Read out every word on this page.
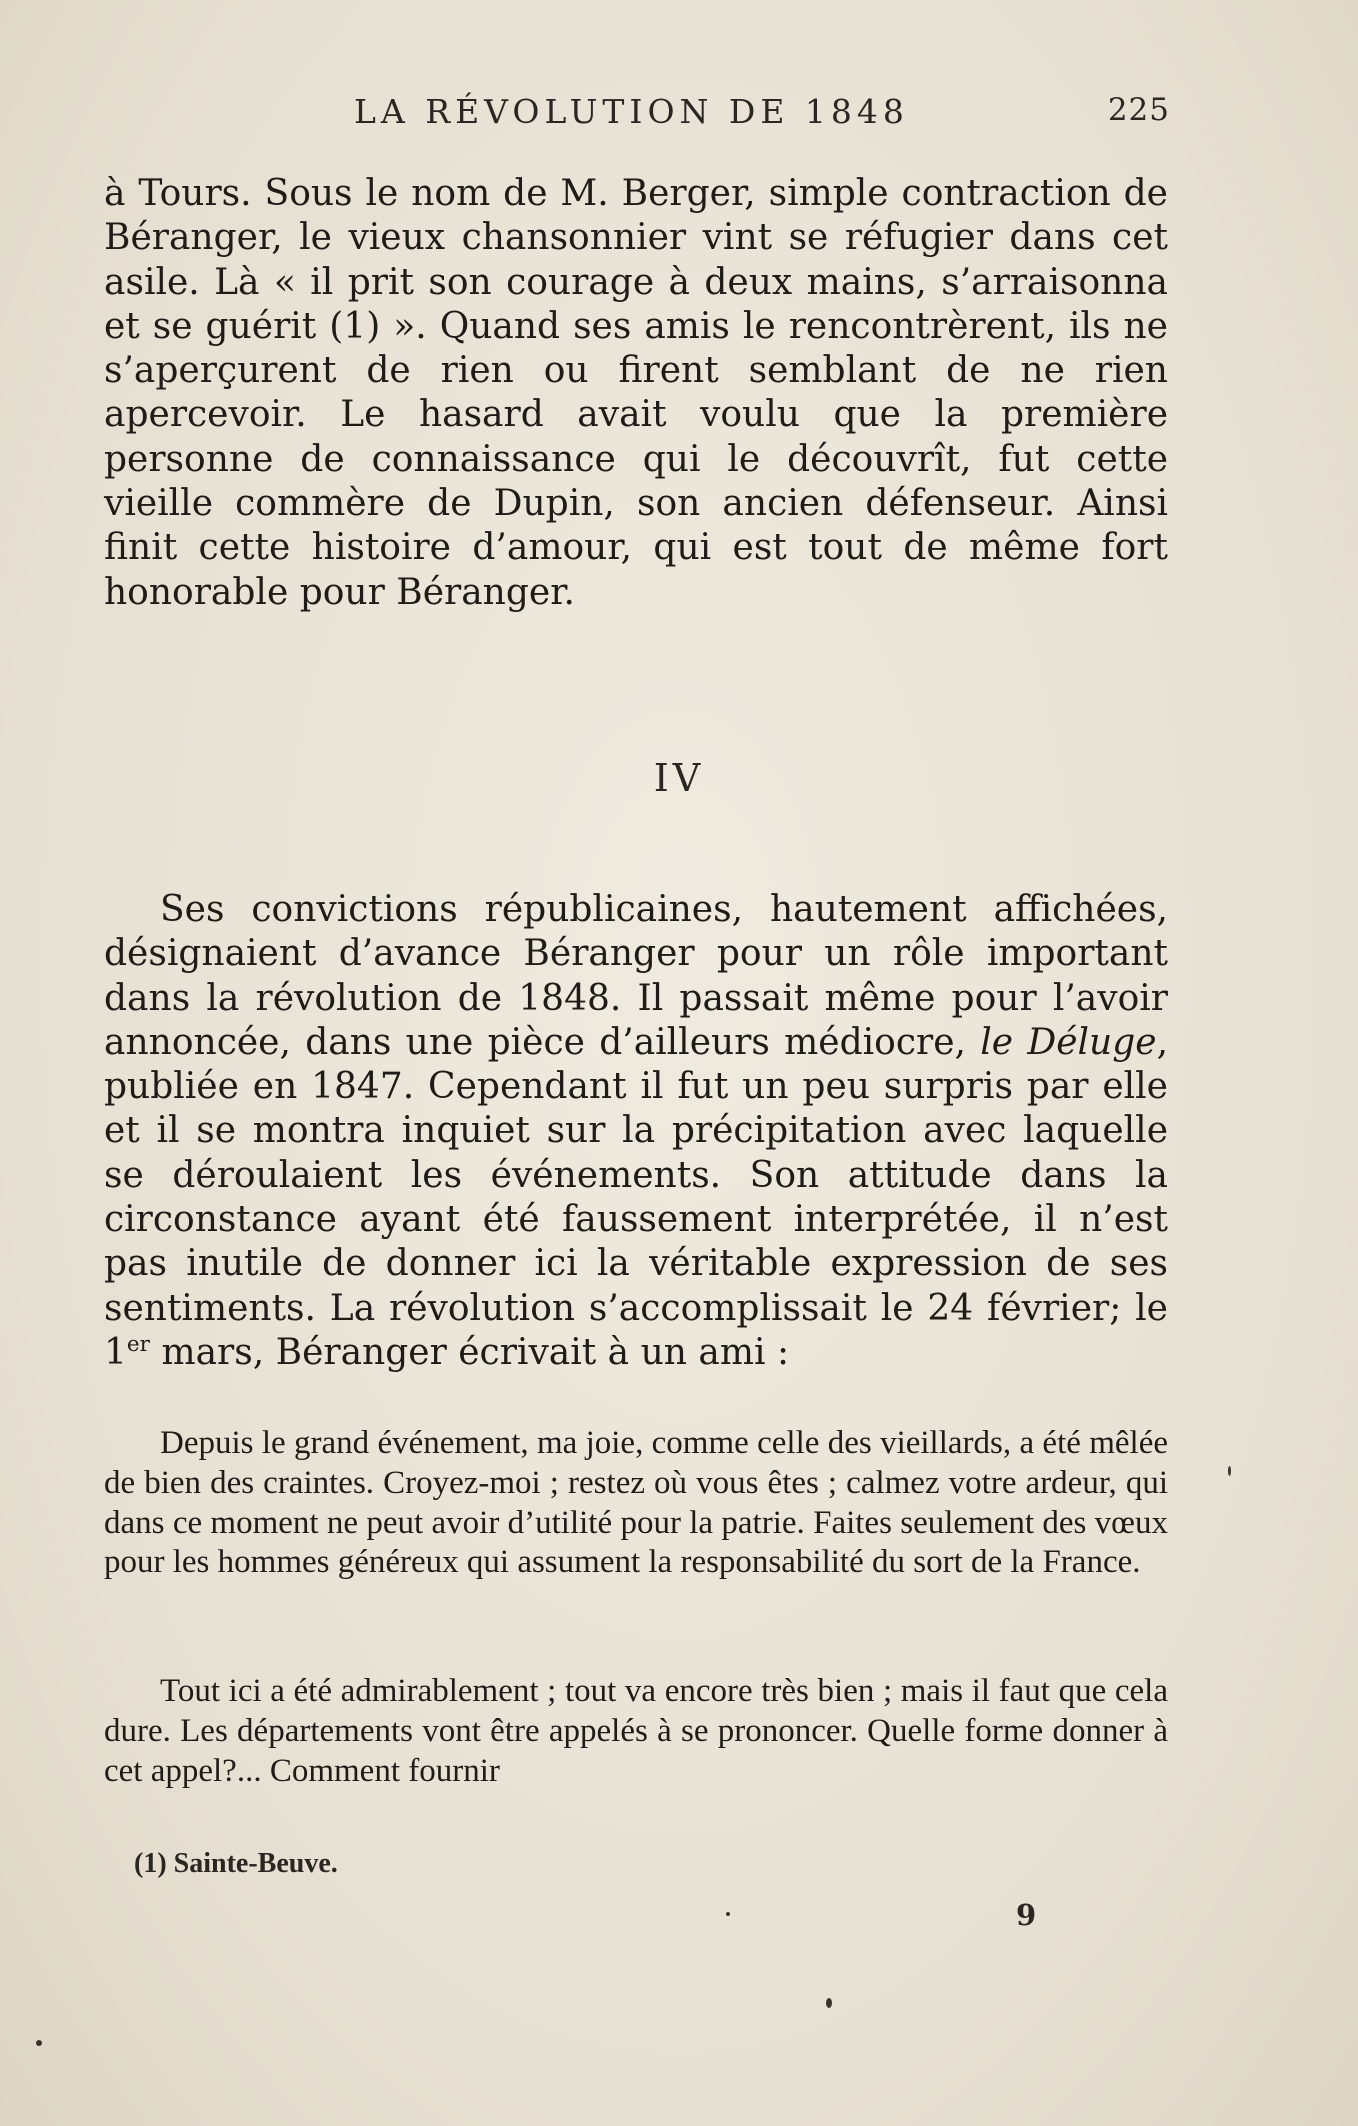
LA RÉVOLUTION DE 1848	225

à Tours. Sous le nom de M. Berger, simple contraction de Béranger, le vieux chansonnier vint se réfugier dans cet asile. Là « il prit son courage à deux mains, s’arraisonna et se guérit (1) ». Quand ses amis le rencontrèrent, ils ne s’aperçurent de rien ou firent semblant de ne rien apercevoir. Le hasard avait voulu que la première personne de connaissance qui le découvrît, fut cette vieille commère de Dupin, son ancien défenseur. Ainsi finit cette histoire d’amour, qui est tout de même fort honorable pour Béranger.

IV

Ses convictions républicaines, hautement affichées, désignaient d’avance Béranger pour un rôle important dans la révolution de 1848. Il passait même pour l’avoir annoncée, dans une pièce d’ailleurs médiocre, le Déluge, publiée en 1847. Cependant il fut un peu surpris par elle et il se montra inquiet sur la précipitation avec laquelle se déroulaient les événements. Son attitude dans la circonstance ayant été faussement interprétée, il n’est pas inutile de donner ici la véritable expression de ses sentiments. La révolution s’accomplissait le 24 février; le 1er mars, Béranger écrivait à un ami :

Depuis le grand événement, ma joie, comme celle des vieillards, a été mêlée de bien des craintes. Croyez-moi ; restez où vous êtes ; calmez votre ardeur, qui dans ce moment ne peut avoir d’utilité pour la patrie. Faites seulement des vœux pour les hommes généreux qui assument la responsabilité du sort de la France.

Tout ici a été admirablement ; tout va encore très bien ; mais il faut que cela dure. Les départements vont être appelés à se prononcer. Quelle forme donner à cet appel?... Comment fournir

(1) Sainte-Beuve.
9
